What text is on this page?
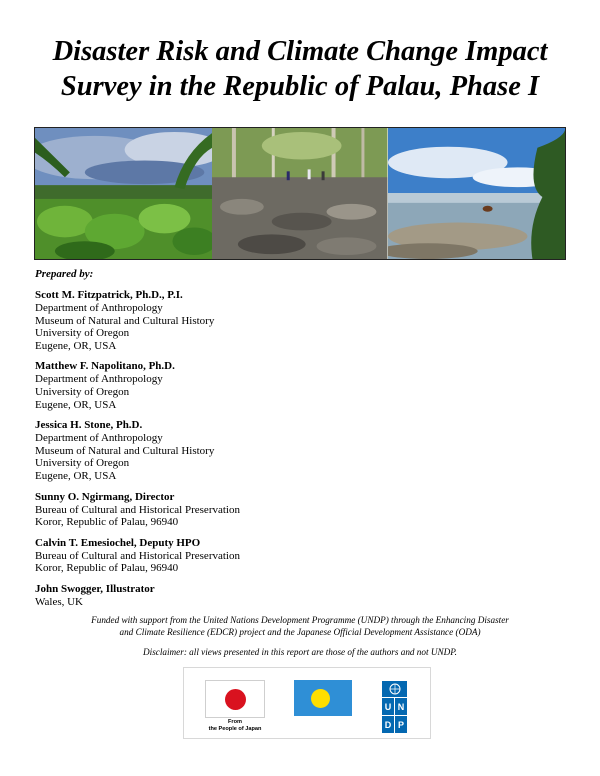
Disaster Risk and Climate Change Impact
Survey in the Republic of Palau, Phase I
Prepared by:
Scott M. Fitzpatrick, Ph.D., P.I.
Department of Anthropology
Museum of Natural and Cultural History
University of Oregon
Eugene, OR, USA
Matthew F. Napolitano, Ph.D.
Department of Anthropology
University of Oregon
Eugene, OR, USA
Jessica H. Stone, Ph.D.
Department of Anthropology
Museum of Natural and Cultural History
University of Oregon
Eugene, OR, USA
Sunny O. Ngirmang, Director
Bureau of Cultural and Historical Preservation
Koror, Republic of Palau, 96940
Calvin T. Emesiochel, Deputy HPO
Bureau of Cultural and Historical Preservation
Koror, Republic of Palau, 96940
John Swogger, Illustrator
Wales, UK
Funded with support from the United Nations Development Programme (UNDP) through the Enhancing Disaster
and Climate Resilience (EDCR) project and the Japanese Official Development Assistance (ODA)
Disclaimer: all views presented in this report are those of the authors and not UNDP.
From
the People of Japan
U N
D P
